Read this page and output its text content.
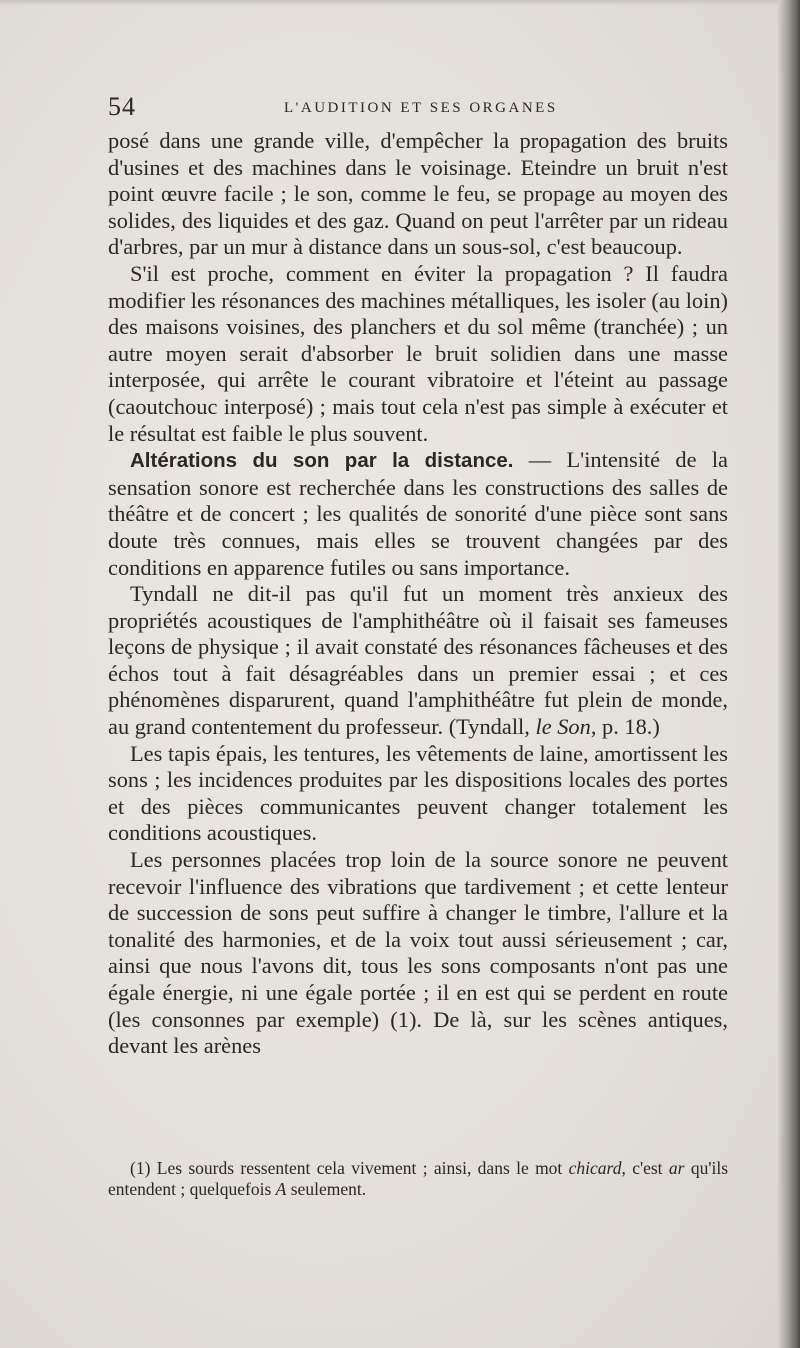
54	L'AUDITION ET SES ORGANES

posé dans une grande ville, d'empêcher la propagation des bruits d'usines et des machines dans le voisinage. Eteindre un bruit n'est point œuvre facile ; le son, comme le feu, se propage au moyen des solides, des liquides et des gaz. Quand on peut l'arrêter par un rideau d'arbres, par un mur à distance dans un sous-sol, c'est beaucoup.

S'il est proche, comment en éviter la propagation ? Il faudra modifier les résonances des machines métalliques, les isoler (au loin) des maisons voisines, des planchers et du sol même (tranchée) ; un autre moyen serait d'absorber le bruit solidien dans une masse interposée, qui arrête le courant vibratoire et l'éteint au passage (caoutchouc interposé) ; mais tout cela n'est pas simple à exécuter et le résultat est faible le plus souvent.

Altérations du son par la distance. — L'intensité de la sensation sonore est recherchée dans les constructions des salles de théâtre et de concert ; les qualités de sonorité d'une pièce sont sans doute très connues, mais elles se trouvent changées par des conditions en apparence futiles ou sans importance.

Tyndall ne dit-il pas qu'il fut un moment très anxieux des propriétés acoustiques de l'amphithéâtre où il faisait ses fameuses leçons de physique ; il avait constaté des résonances fâcheuses et des échos tout à fait désagréables dans un premier essai ; et ces phénomènes disparurent, quand l'amphithéâtre fut plein de monde, au grand contentement du professeur. (Tyndall, le Son, p. 18.)

Les tapis épais, les tentures, les vêtements de laine, amortissent les sons ; les incidences produites par les dispositions locales des portes et des pièces communicantes peuvent changer totalement les conditions acoustiques.

Les personnes placées trop loin de la source sonore ne peuvent recevoir l'influence des vibrations que tardivement ; et cette lenteur de succession de sons peut suffire à changer le timbre, l'allure et la tonalité des harmonies, et de la voix tout aussi sérieusement ; car, ainsi que nous l'avons dit, tous les sons composants n'ont pas une égale énergie, ni une égale portée ; il en est qui se perdent en route (les consonnes par exemple) (1). De là, sur les scènes antiques, devant les arènes

(1) Les sourds ressentent cela vivement ; ainsi, dans le mot chicard, c'est ar qu'ils entendent ; quelquefois A seulement.
